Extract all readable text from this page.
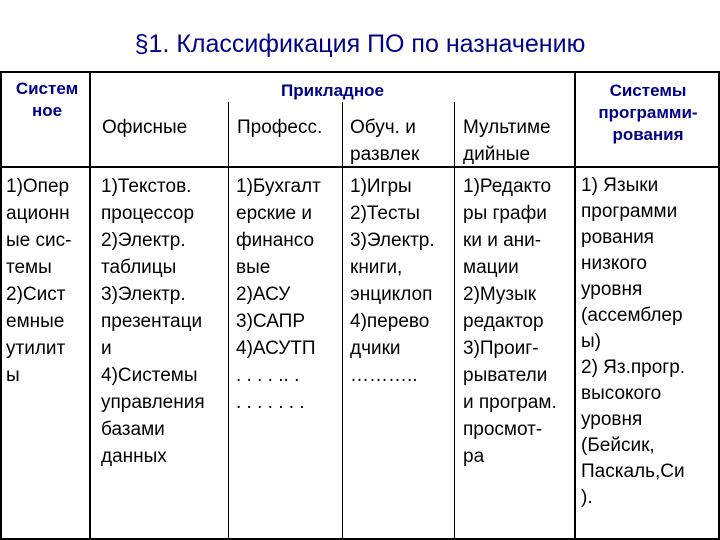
§1. Классификация ПО по назначению
Систем
ное
Прикладное	Системы
программи-
рования
Офисные	Професс. Обуч. и
развлек
Мультиме
дийные
1)Опер
ационн
ые сис-
темы
2)Сист
емные
утилит
ы
1)Текстов.
процессор
2)Электр.
таблицы
3)Электр.
презентаци
и
4)Системы
управления
базами
данных
1)Бухгалт
ерские и
финансо
вые
2)АСУ
3)САПР
4)АСУТП
. . . . .. .
. . . . . . .
1)Игры
2)Тесты
3)Электр.
книги,
энциклоп
4)перево
дчики
………..
1)Редакто
ры графи
ки и ани-
мации
2)Музык
редактор
3)Проиг-
рыватели
и програм.
просмот-
ра
1) Языки
программи
рования
низкого
уровня
(ассемблер
ы)
2) Яз.прогр.
высокого
уровня
(Бейсик,
Паскаль,Си
).
